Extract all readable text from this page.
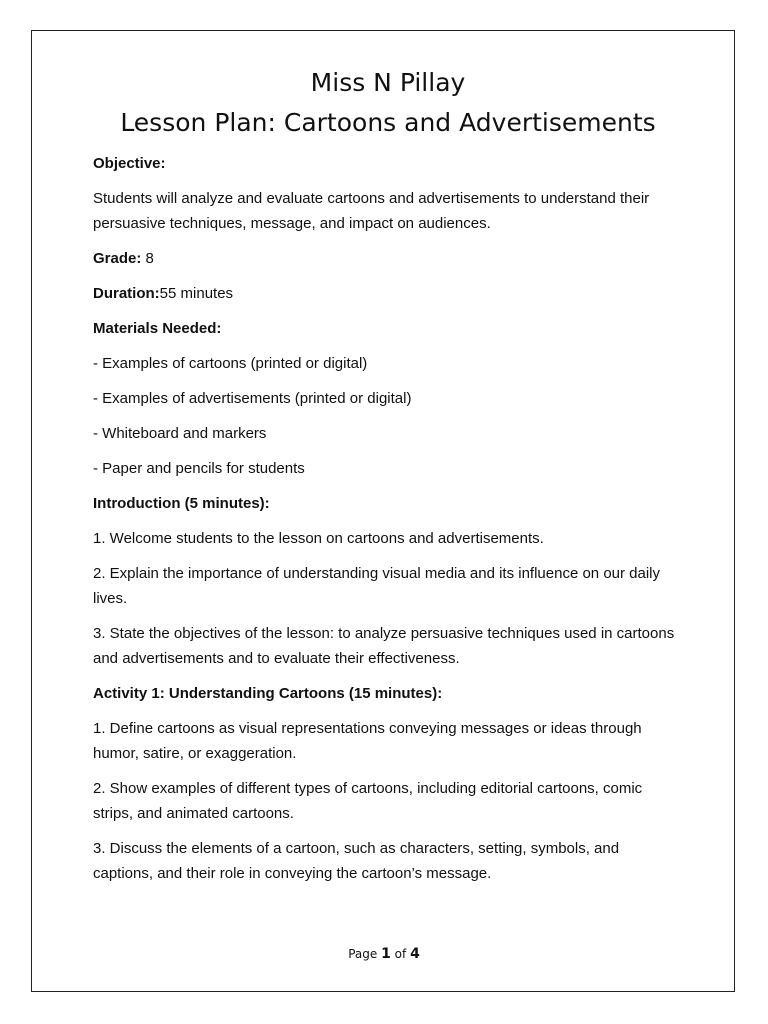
Miss N Pillay
Lesson Plan: Cartoons and Advertisements

Objective:

Students will analyze and evaluate cartoons and advertisements to understand their persuasive techniques, message, and impact on audiences.

Grade: 8

Duration:55 minutes

Materials Needed:

- Examples of cartoons (printed or digital)

- Examples of advertisements (printed or digital)

- Whiteboard and markers

- Paper and pencils for students

Introduction (5 minutes):

1. Welcome students to the lesson on cartoons and advertisements.

2. Explain the importance of understanding visual media and its influence on our daily lives.

3. State the objectives of the lesson: to analyze persuasive techniques used in cartoons and advertisements and to evaluate their effectiveness.

Activity 1: Understanding Cartoons (15 minutes):

1. Define cartoons as visual representations conveying messages or ideas through humor, satire, or exaggeration.

2. Show examples of different types of cartoons, including editorial cartoons, comic strips, and animated cartoons.

3. Discuss the elements of a cartoon, such as characters, setting, symbols, and captions, and their role in conveying the cartoon’s message.

Page 1 of 4
